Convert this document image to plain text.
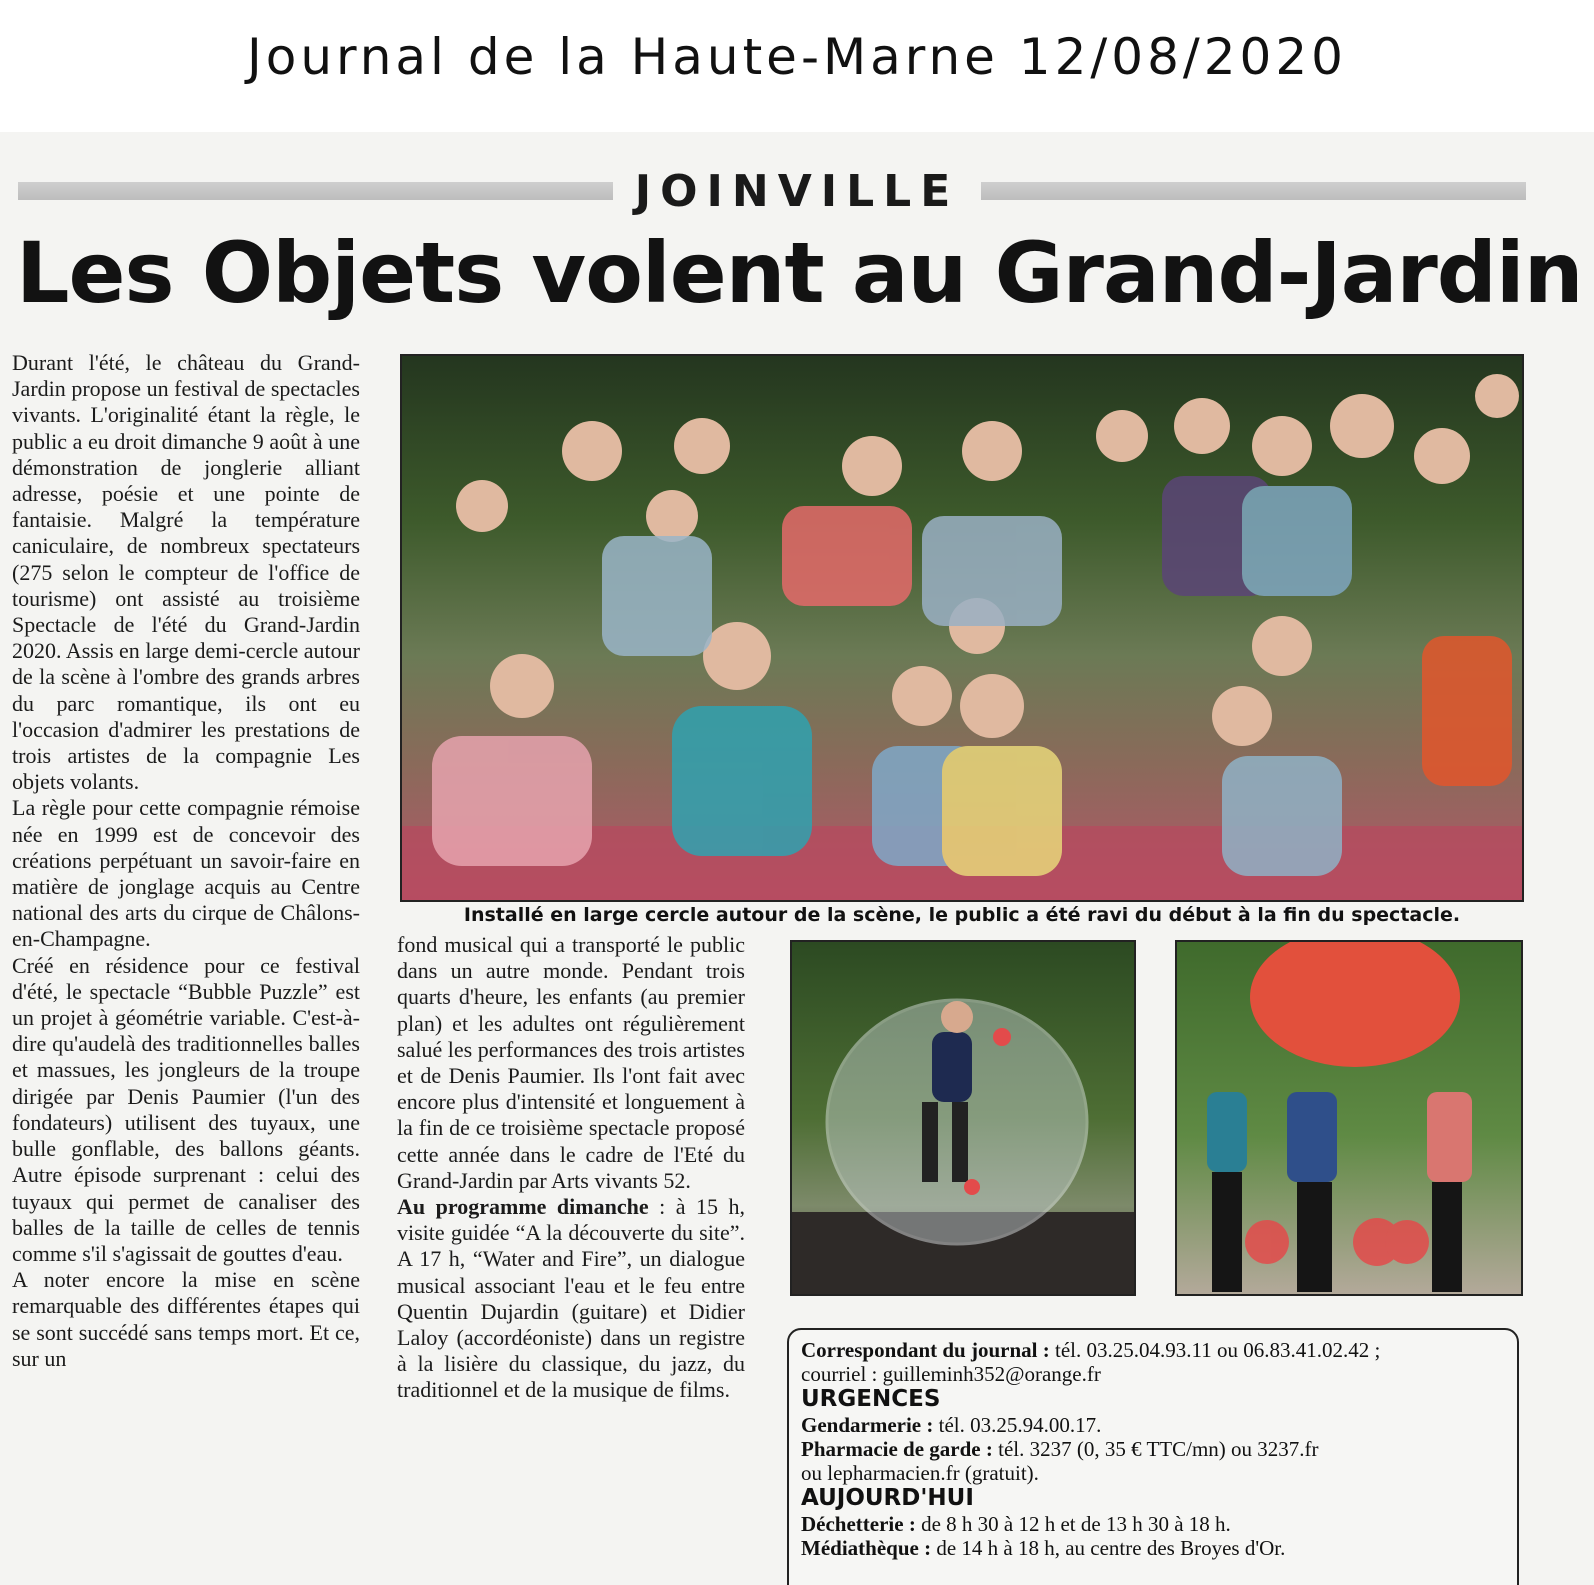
Journal de la Haute-Marne 12/08/2020
JOINVILLE
Les Objets volent au Grand-Jardin

Durant l'été, le château du Grand-Jardin propose un festival de spectacles vivants. L'originalité étant la règle, le public a eu droit dimanche 9 août à une démonstration de jonglerie alliant adresse, poésie et une pointe de fantaisie. Malgré la température caniculaire, de nombreux spectateurs (275 selon le compteur de l'office de tourisme) ont assisté au troisième Spectacle de l'été du Grand-Jardin 2020. Assis en large demi-cercle autour de la scène à l'ombre des grands arbres du parc romantique, ils ont eu l'occasion d'admirer les prestations de trois artistes de la compagnie Les objets volants.

La règle pour cette compagnie rémoise née en 1999 est de concevoir des créations perpétuant un savoir-faire en matière de jonglage acquis au Centre national des arts du cirque de Châlons-en-Champagne.

Créé en résidence pour ce festival d'été, le spectacle “Bubble Puzzle” est un projet à géométrie variable. C'est-à-dire qu'audelà des traditionnelles balles et massues, les jongleurs de la troupe dirigée par Denis Paumier (l'un des fondateurs) utilisent des tuyaux, une bulle gonflable, des ballons géants. Autre épisode surprenant : celui des tuyaux qui permet de canaliser des balles de la taille de celles de tennis comme s'il s'agissait de gouttes d'eau.

A noter encore la mise en scène remarquable des différentes étapes qui se sont succédé sans temps mort. Et ce, sur un

Installé en large cercle autour de la scène, le public a été ravi du début à la fin du spectacle.

fond musical qui a transporté le public dans un autre monde. Pendant trois quarts d'heure, les enfants (au premier plan) et les adultes ont régulièrement salué les performances des trois artistes et de Denis Paumier. Ils l'ont fait avec encore plus d'intensité et longuement à la fin de ce troisième spectacle proposé cette année dans le cadre de l'Eté du Grand-Jardin par Arts vivants 52.

Au programme dimanche : à 15 h, visite guidée “A la découverte du site”. A 17 h, “Water and Fire”, un dialogue musical associant l'eau et le feu entre Quentin Dujardin (guitare) et Didier Laloy (accordéoniste) dans un registre à la lisière du classique, du jazz, du traditionnel et de la musique de films.

Correspondant du journal : tél. 03.25.04.93.11 ou 06.83.41.02.42 ;
courriel : guilleminh352@orange.fr
URGENCES
Gendarmerie : tél. 03.25.94.00.17.
Pharmacie de garde : tél. 3237 (0, 35 € TTC/mn) ou 3237.fr
ou lepharmacien.fr (gratuit).
AUJOURD'HUI
Déchetterie : de 8 h 30 à 12 h et de 13 h 30 à 18 h.
Médiathèque : de 14 h à 18 h, au centre des Broyes d'Or.
